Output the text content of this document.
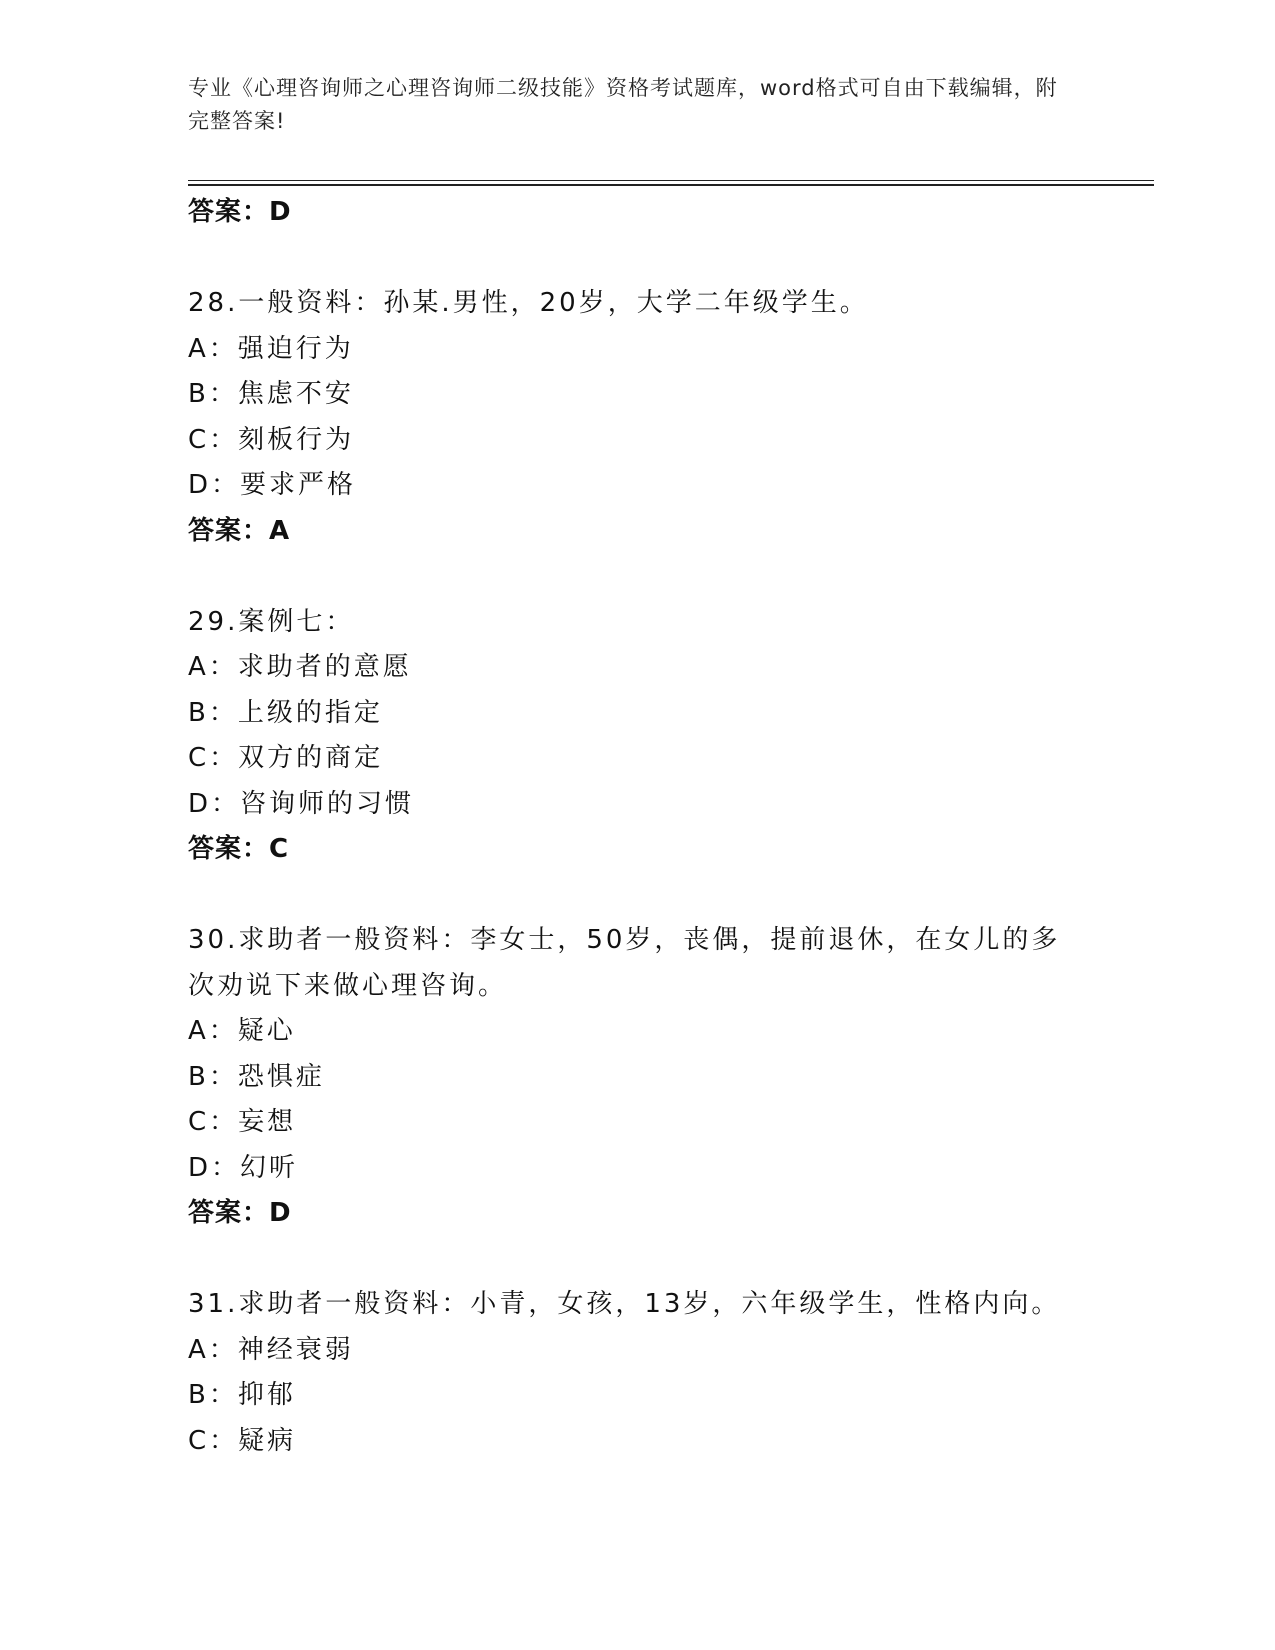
专业《心理咨询师之心理咨询师二级技能》资格考试题库，word格式可自由下载编辑，附完整答案!
答案：D
28.一般资料：孙某.男性，20岁，大学二年级学生。
A：强迫行为
B：焦虑不安
C：刻板行为
D：要求严格
答案：A
29.案例七：
A：求助者的意愿
B：上级的指定
C：双方的商定
D：咨询师的习惯
答案：C
30.求助者一般资料：李女士，50岁，丧偶，提前退休，在女儿的多次劝说下来做心理咨询。
A：疑心
B：恐惧症
C：妄想
D：幻听
答案：D
31.求助者一般资料：小青，女孩，13岁，六年级学生，性格内向。
A：神经衰弱
B：抑郁
C：疑病
